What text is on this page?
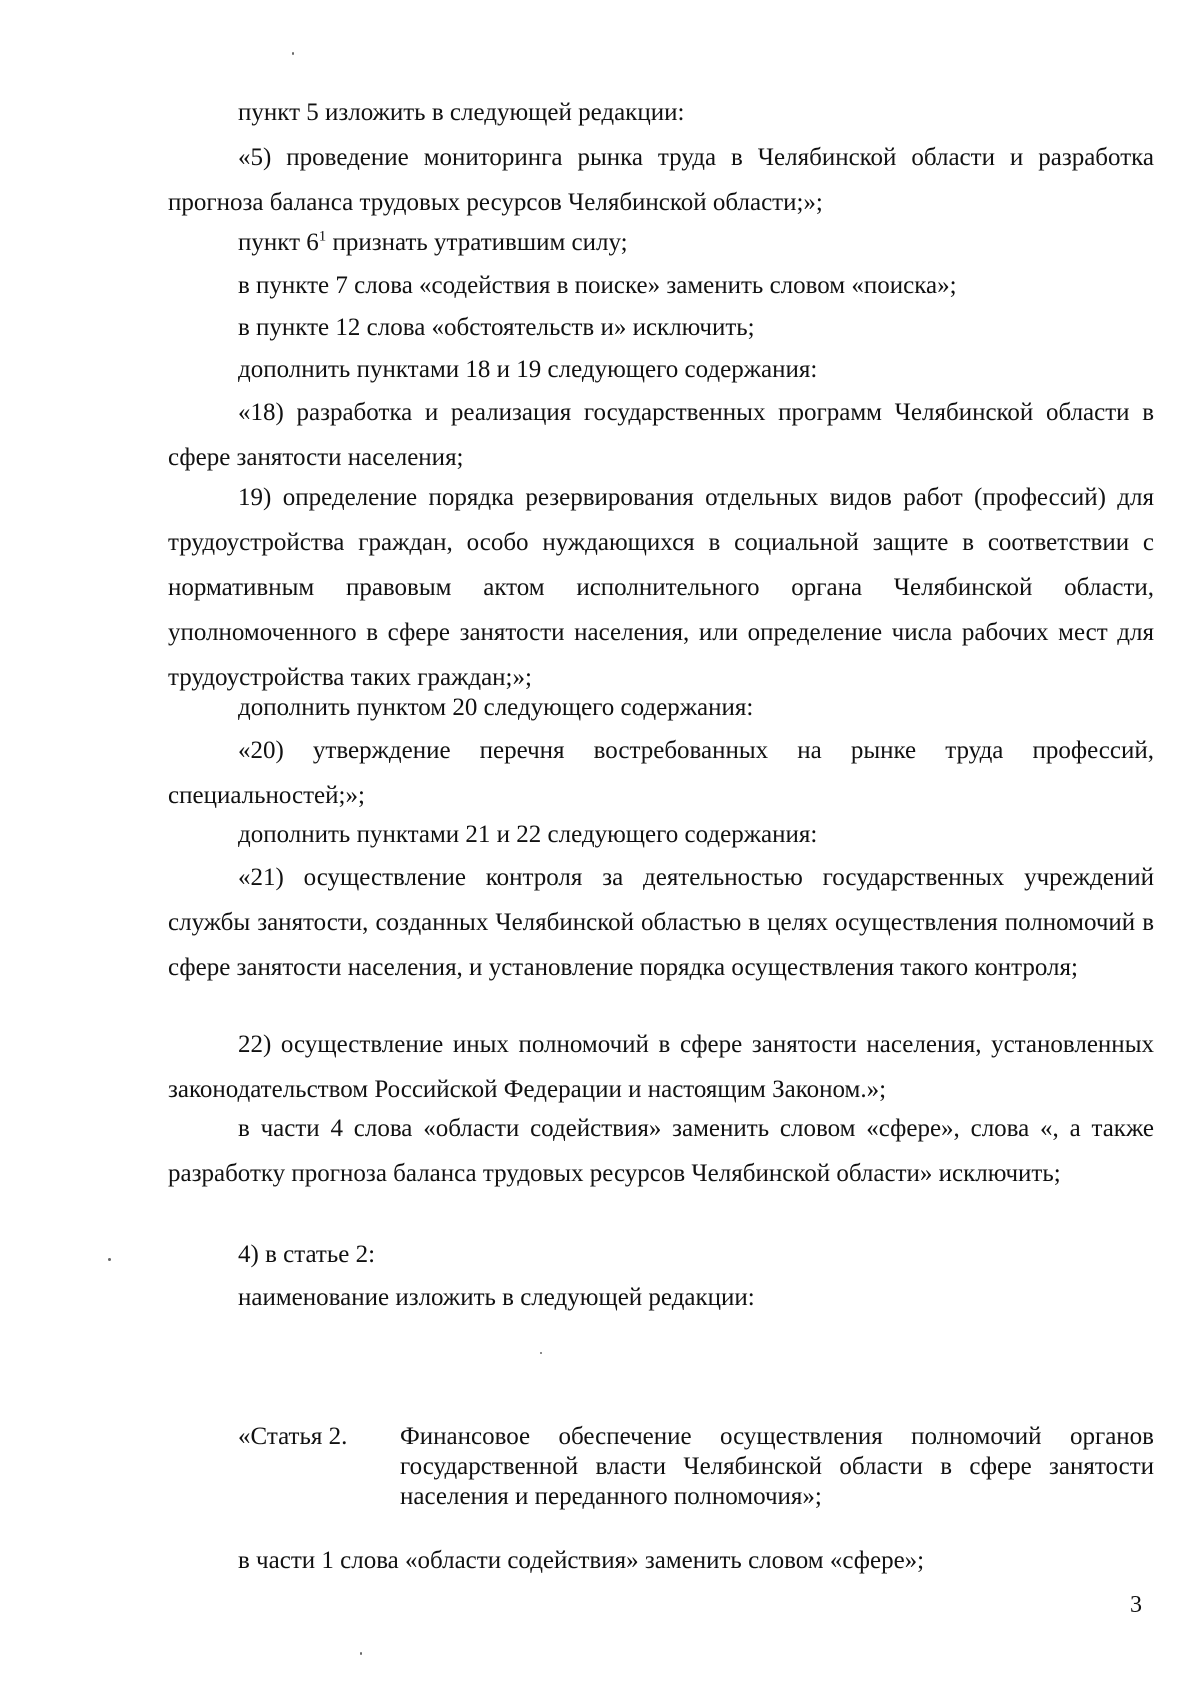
пункт 5 изложить в следующей редакции:

«5) проведение мониторинга рынка труда в Челябинской области и разработка прогноза баланса трудовых ресурсов Челябинской области;»;

пункт $6^1$ признать утратившим силу;

в пункте 7 слова «содействия в поиске» заменить словом «поиска»;

в пункте 12 слова «обстоятельств и» исключить;

дополнить пунктами 18 и 19 следующего содержания:

«18) разработка и реализация государственных программ Челябинской области в сфере занятости населения;

19) определение порядка резервирования отдельных видов работ (профессий) для трудоустройства граждан, особо нуждающихся в социальной защите в соответствии с нормативным правовым актом исполнительного органа Челябинской области, уполномоченного в сфере занятости населения, или определение числа рабочих мест для трудоустройства таких граждан;»;

дополнить пунктом 20 следующего содержания:

«20) утверждение перечня востребованных на рынке труда профессий, специальностей;»;

дополнить пунктами 21 и 22 следующего содержания:

«21) осуществление контроля за деятельностью государственных учреждений службы занятости, созданных Челябинской областью в целях осуществления полномочий в сфере занятости населения, и установление порядка осуществления такого контроля;

22) осуществление иных полномочий в сфере занятости населения, установленных законодательством Российской Федерации и настоящим Законом.»;

в части 4 слова «области содействия» заменить словом «сфере», слова «, а также разработку прогноза баланса трудовых ресурсов Челябинской области» исключить;

4) в статье 2:

наименование изложить в следующей редакции:

«Статья 2. Финансовое обеспечение осуществления полномочий органов государственной власти Челябинской области в сфере занятости населения и переданного полномочия»;

в части 1 слова «области содействия» заменить словом «сфере»;

3
